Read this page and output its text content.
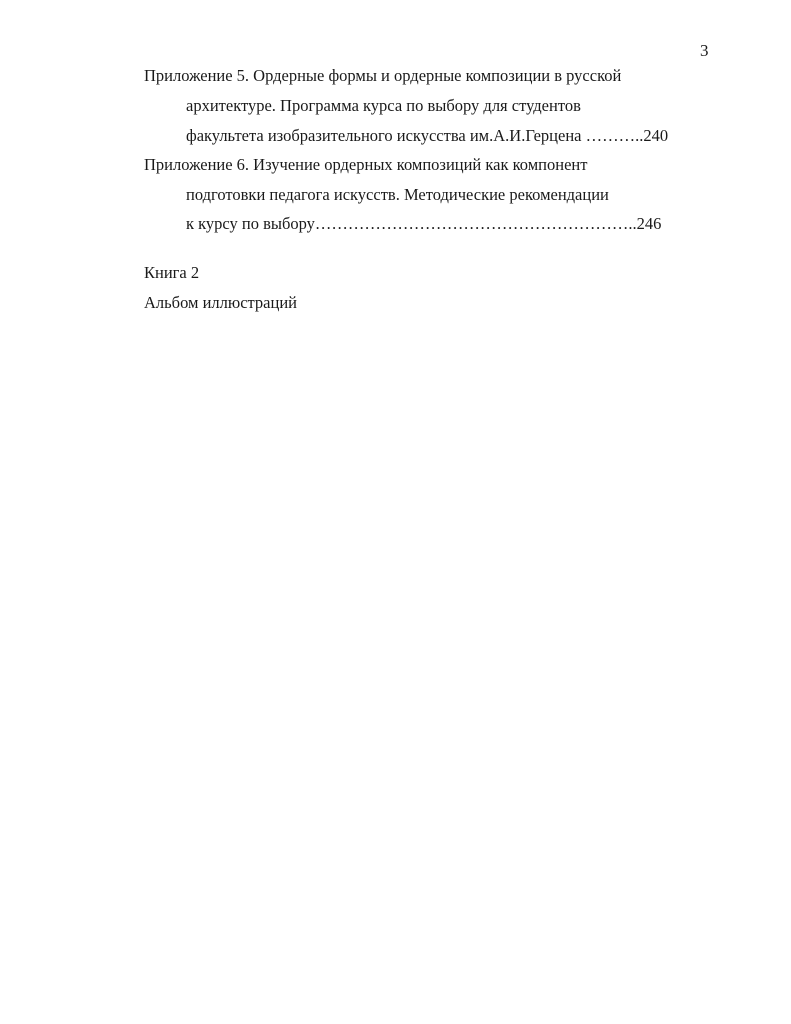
3
Приложение 5. Ордерные формы и ордерные композиции в русской
архитектуре. Программа курса по выбору для студентов
факультета изобразительного искусства им.А.И.Герцена ………..240
Приложение 6. Изучение ордерных композиций как компонент
подготовки педагога искусств. Методические рекомендации
к курсу по выбору…………………………………………………..246
Книга 2
Альбом иллюстраций
